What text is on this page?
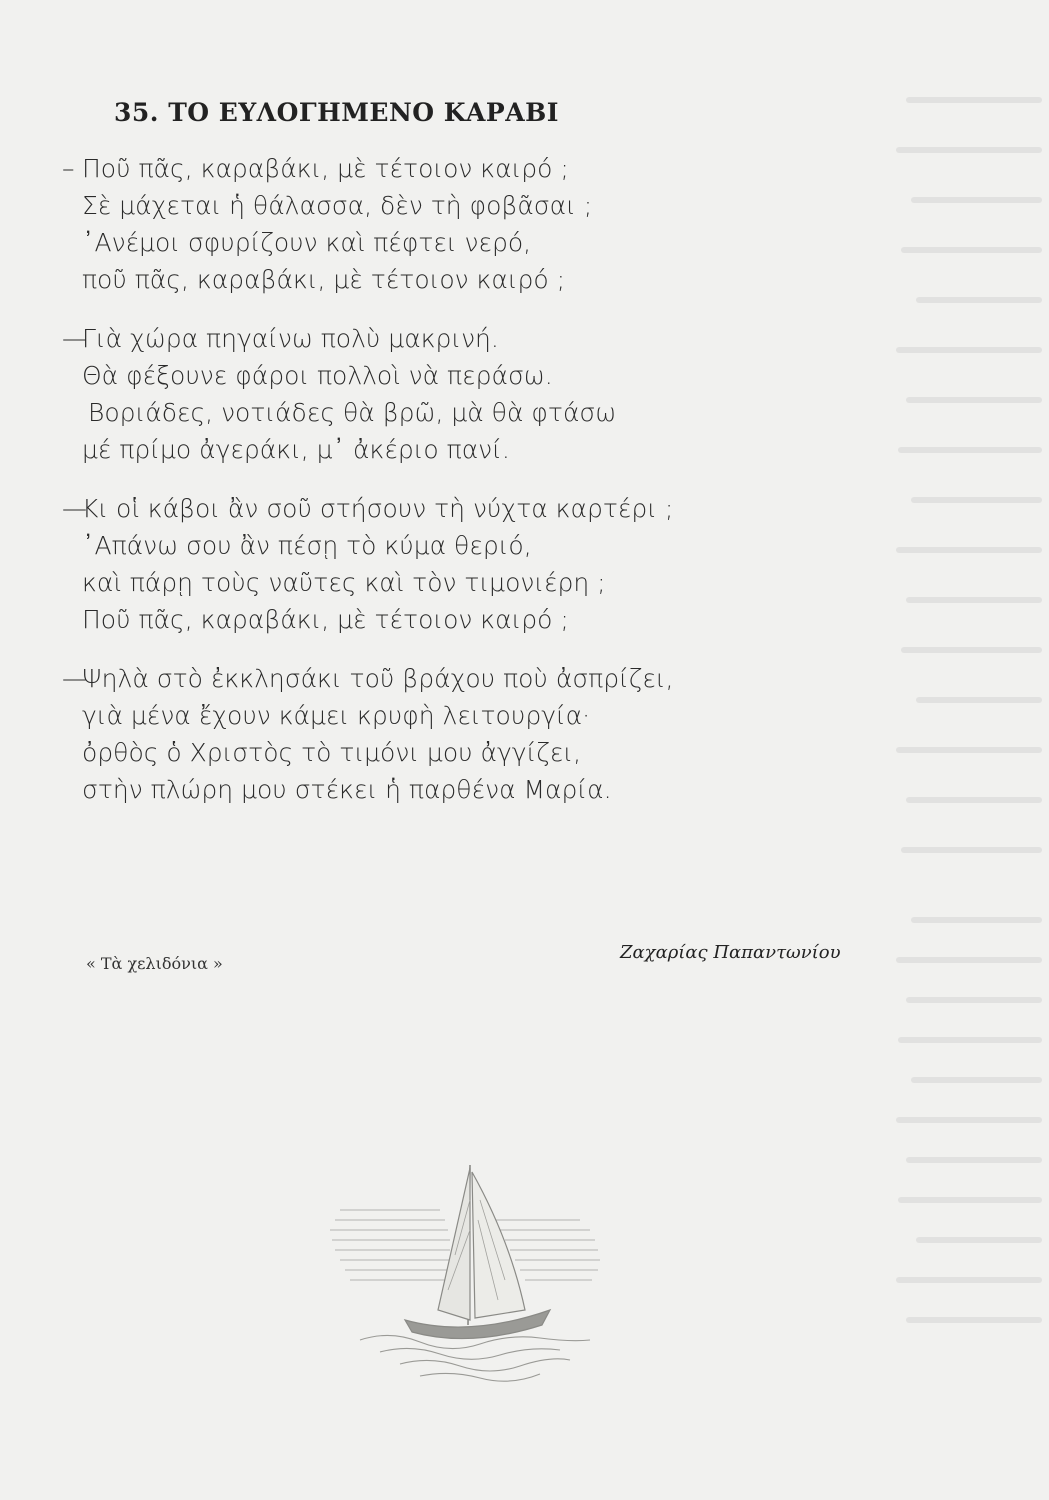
35. ΤΟ ΕΥΛΟΓΗΜΕΝΟ ΚΑΡΑΒΙ
– Ποῦ πᾶς, καραβάκι, μὲ τέτοιον καιρό ;
Σὲ μάχεται ἡ θάλασσα, δὲν τὴ φοβᾶσαι ;
᾿Ανέμοι σφυρίζουν καὶ πέφτει νερό,
ποῦ πᾶς, καραβάκι, μὲ τέτοιον καιρό ;
—Γιὰ χώρα πηγαίνω πολὺ μακρινή.
Θὰ φέξουνε φάροι πολλοὶ νὰ περάσω.
Βοριάδες, νοτιάδες θὰ βρῶ, μὰ θὰ φτάσω
μέ πρίμο ἀγεράκι, μ᾿ ἀκέριο πανί.
—Κι οἱ κάβοι ἂν σοῦ στήσουν τὴ νύχτα καρτέρι ;
᾿Απάνω σου ἂν πέσῃ τὸ κύμα θεριό,
καὶ πάρῃ τοὺς ναῦτες καὶ τὸν τιμονιέρη ;
Ποῦ πᾶς, καραβάκι, μὲ τέτοιον καιρό ;
—Ψηλὰ στὸ ἐκκλησάκι τοῦ βράχου ποὺ ἀσπρίζει,
γιὰ μένα ἔχουν κάμει κρυφὴ λειτουργία·
ὀρθὸς ὁ Χριστὸς τὸ τιμόνι μου ἀγγίζει,
στὴν πλώρη μου στέκει ἡ παρθένα Μαρία.
« Τὰ χελιδόνια »
Ζαχαρίας Παπαντωνίου
